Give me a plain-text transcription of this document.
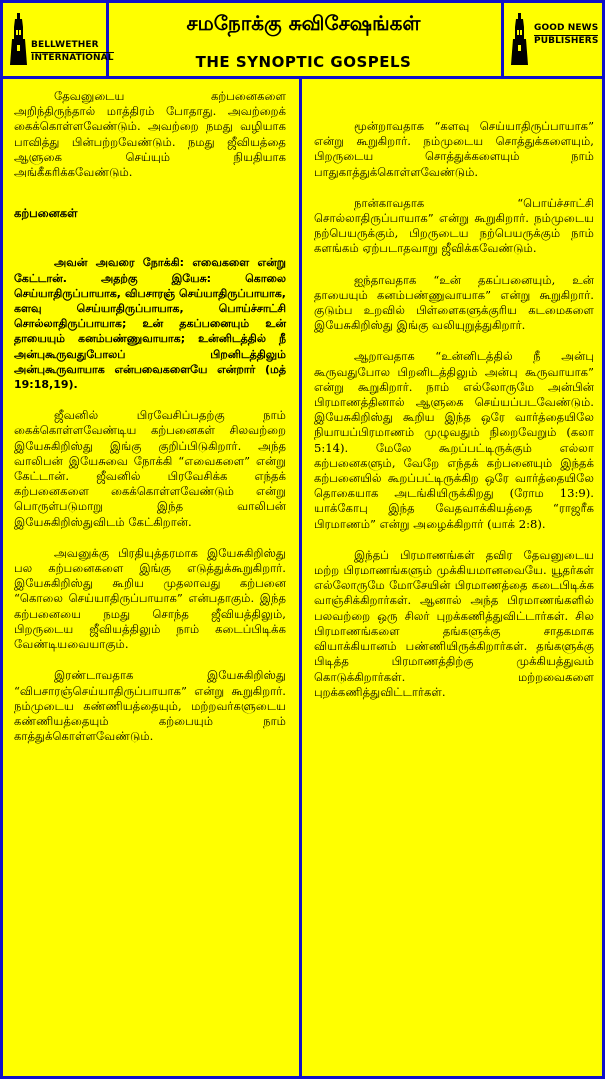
BELLWETHER
INTERNATIONAL
சமநோக்கு சுவிசேஷங்கள்
THE SYNOPTIC GOSPELS
GOOD NEWS
PUBLISHERS

தேவனுடைய கற்பனைகளை அறிந்திருந்தால் மாத்திரம் போதாது. அவற்றைக் கைக்கொள்ளவேண்டும். அவற்றை நமது வழியாக பாவித்து பின்பற்றவேண்டும். நமது ஜீவியத்தை ஆளுகை செய்யும் நியதியாக அங்கீகரிக்கவேண்டும்.

கற்பனைகள்

அவன் அவரை நோக்கி: எவைகளை என்று கேட்டான். அதற்கு இயேசு: கொலை செய்யாதிருப்பாயாக, விபசாரஞ் செய்யாதிருப்பாயாக, களவு செய்யாதிருப்பாயாக, பொய்ச்சாட்சி சொல்லாதிருப்பாயாக; உன் தகப்பனையும் உன் தாயையும் கனம்பண்ணுவாயாக; உன்னிடத்தில் நீ அன்புகூருவதுபோலப் பிறனிடத்திலும் அன்புகூருவாயாக என்பவைகளையே என்றார் (மத் 19:18,19).

ஜீவனில் பிரவேசிப்பதற்கு நாம் கைக்கொள்ளவேண்டிய கற்பனைகள் சிலவற்றை இயேசுகிறிஸ்து இங்கு குறிப்பிடுகிறார். அந்த வாலிபன் இயேசுவை நோக்கி “எவைகளை” என்று கேட்டான். ஜீவனில் பிரவேசிக்க எந்தக் கற்பனைகளை கைக்கொள்ளவேண்டும் என்று பொருள்படுமாறு இந்த வாலிபன் இயேசுகிறிஸ்துவிடம் கேட்கிறான்.

அவனுக்கு பிரதியுத்தரமாக இயேசுகிறிஸ்து பல கற்பனைகளை இங்கு எடுத்துக்கூறுகிறார். இயேசுகிறிஸ்து கூறிய முதலாவது கற்பனை “கொலை செய்யாதிருப்பாயாக” என்பதாகும். இந்த கற்பனையை நமது சொந்த ஜீவியத்திலும், பிறருடைய ஜீவியத்திலும் நாம் கடைப்பிடிக்க வேண்டியவையாகும்.

இரண்டாவதாக இயேசுகிறிஸ்து “விபசாரஞ்செய்யாதிருப்பாயாக” என்று கூறுகிறார். நம்முடைய கண்ணியத்தையும், மற்றவர்களுடைய கண்ணியத்தையும் கற்பையும் நாம் காத்துக்கொள்ளவேண்டும்.

மூன்றாவதாக “களவு செய்யாதிருப்பாயாக” என்று கூறுகிறார். நம்முடைய சொத்துக்களையும், பிறருடைய சொத்துக்களையும் நாம் பாதுகாத்துக்கொள்ளவேண்டும்.

நான்காவதாக “பொய்ச்சாட்சி சொல்லாதிருப்பாயாக” என்று கூறுகிறார். நம்முடைய நற்பெயருக்கும், பிறருடைய நற்பெயருக்கும் நாம் களங்கம் ஏற்படாதவாறு ஜீவிக்கவேண்டும்.

ஐந்தாவதாக “உன் தகப்பனையும், உன் தாயையும் கனம்பண்ணுவாயாக” என்று கூறுகிறார். குடும்ப உறவில் பிள்ளைகளுக்குரிய கடமைகளை இயேசுகிறிஸ்து இங்கு வலியுறுத்துகிறார்.

ஆறாவதாக “உன்னிடத்தில் நீ அன்பு கூருவதுபோல பிறனிடத்திலும் அன்பு கூருவாயாக” என்று கூறுகிறார். நாம் எல்லோருமே அன்பின் பிரமாணத்தினால் ஆளுகை செய்யப்படவேண்டும். இயேசுகிறிஸ்து கூறிய இந்த ஒரே வார்த்தையிலே நியாயப்பிரமாணம் முழுவதும் நிறைவேறும் (கலா 5:14). மேலே கூறப்பட்டிருக்கும் எல்லா கற்பனைகளும், வேறே எந்தக் கற்பனையும் இந்தக் கற்பனையில் கூறப்பட்டிருக்கிற ஒரே வார்த்தையிலே தொகையாக அடங்கியிருக்கிறது (ரோம 13:9). யாக்கோபு இந்த வேதவாக்கியத்தை “ராஜரீக பிரமாணம்” என்று அழைக்கிறார் (யாக் 2:8).

இந்தப் பிரமாணங்கள் தவிர தேவனுடைய மற்ற பிரமாணங்களும் முக்கியமானவையே. யூதர்கள் எல்லோருமே மோசேயின் பிரமாணத்தை கடைபிடிக்க வாஞ்சிக்கிறார்கள். ஆனால் அந்த பிரமாணங்களில் பலவற்றை ஒரு சிலர் புறக்கணித்துவிட்டார்கள். சில பிரமாணங்களை தங்களுக்கு சாதகமாக வியாக்கியானம் பண்ணியிருக்கிறார்கள். தங்களுக்கு பிடித்த பிரமாணத்திற்கு முக்கியத்துவம் கொடுக்கிறார்கள். மற்றவைகளை புறக்கணித்துவிட்டார்கள்.
